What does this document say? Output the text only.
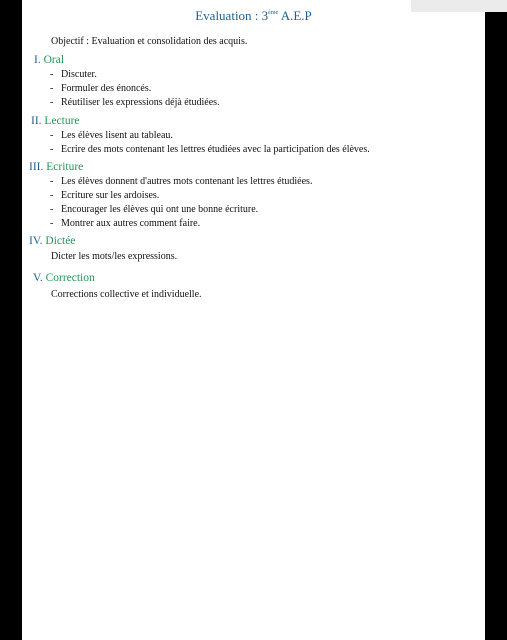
Evaluation : 3ème A.E.P
Objectif : Evaluation et consolidation des acquis.
I. Oral
- Discuter.
- Formuler des énoncés.
- Réutiliser les expressions déjà étudiées.
II. Lecture
- Les élèves lisent au tableau.
- Ecrire des mots contenant les lettres étudiées avec la participation des élèves.
III. Ecriture
- Les élèves donnent d'autres mots contenant les lettres étudiées.
- Ecriture sur les ardoises.
- Encourager les élèves qui ont une bonne écriture.
- Montrer aux autres comment faire.
IV. Dictée
Dicter les mots/les expressions.
V. Correction
Corrections collective et individuelle.
